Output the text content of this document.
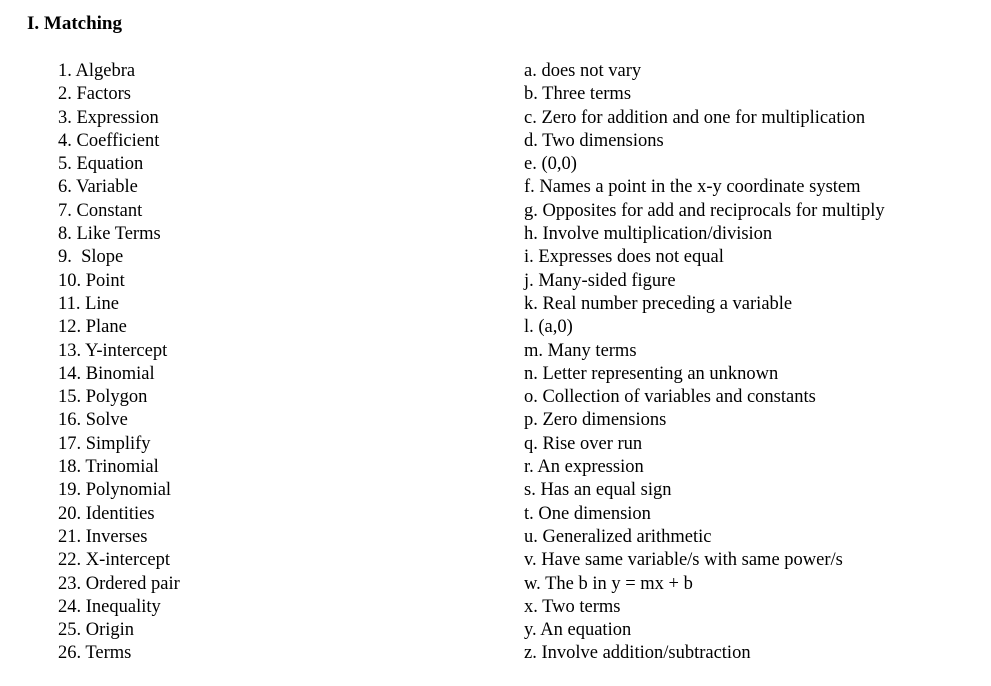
I. Matching
1. Algebra
2. Factors
3. Expression
4. Coefficient
5. Equation
6. Variable
7. Constant
8. Like Terms
9.  Slope
10. Point
11. Line
12. Plane
13. Y-intercept
14. Binomial
15. Polygon
16. Solve
17. Simplify
18. Trinomial
19. Polynomial
20. Identities
21. Inverses
22. X-intercept
23. Ordered pair
24. Inequality
25. Origin
26. Terms
a. does not vary
b. Three terms
c. Zero for addition and one for multiplication
d. Two dimensions
e. (0,0)
f. Names a point in the x-y coordinate system
g. Opposites for add and reciprocals for multiply
h. Involve multiplication/division
i. Expresses does not equal
j. Many-sided figure
k. Real number preceding a variable
l. (a,0)
m. Many terms
n. Letter representing an unknown
o. Collection of variables and constants
p. Zero dimensions
q. Rise over run
r. An expression
s. Has an equal sign
t. One dimension
u. Generalized arithmetic
v. Have same variable/s with same power/s
w. The b in y = mx + b
x. Two terms
y. An equation
z. Involve addition/subtraction
